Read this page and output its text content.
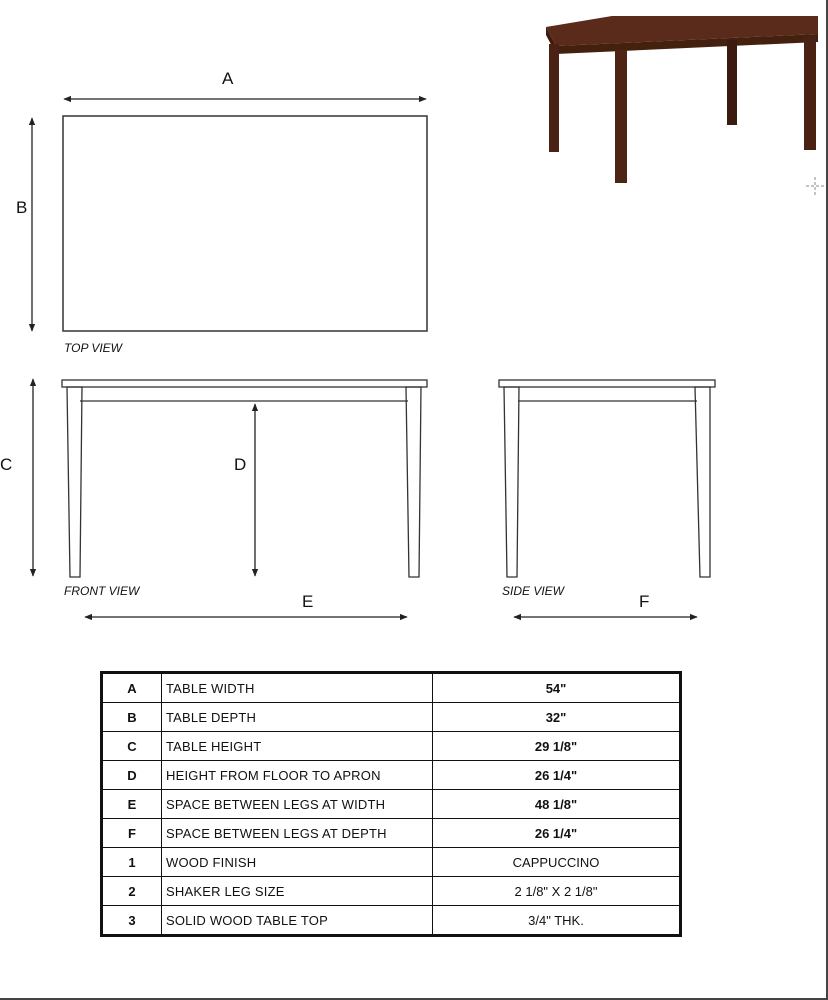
A
B
TOP VIEW
C	D
E
FRONT VIEW
F
SIDE VIEW
A	TABLE WIDTH	54"
B	TABLE DEPTH	32"
C	TABLE HEIGHT	29 1/8"
D	HEIGHT FROM FLOOR TO APRON	26 1/4"
E	SPACE BETWEEN LEGS AT WIDTH	48 1/8"
F	SPACE BETWEEN LEGS AT DEPTH	26 1/4"
1	WOOD FINISH	CAPPUCCINO
2	SHAKER LEG SIZE	2 1/8" X 2 1/8"
3	SOLID WOOD TABLE TOP	3/4" THK.
